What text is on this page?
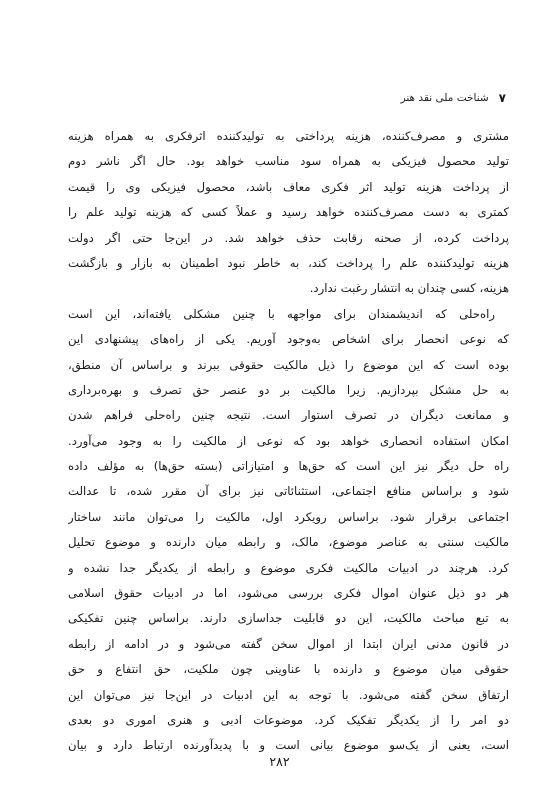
۷
شناخت ملی نقد هنر
مشتری و مصرف‌کننده، هزینه پرداختی به تولیدکننده اثرفکری به همراه هزینه
تولید محصول فیزیکی به همراه سود مناسب خواهد بود. حال اگر ناشر دوم
از پرداخت هزینه تولید اثر فکری معاف باشد، محصول فیزیکی وی را قیمت
کمتری به دست مصرف‌کننده خواهد رسید و عملاً کسی که هزینه تولید علم را
پرداخت کرده، از صحنه رقابت حذف خواهد شد. در این‌جا حتی اگر دولت
هزینه تولیدکننده علم را پرداخت کند، به خاطر نبود اطمینان به بازار و بازگشت
هزینه، کسی چندان به انتشار رغبت ندارد.
راه‌حلی که اندیشمندان برای مواجهه با چنین مشکلی یافته‌اند، این است
که نوعی انحصار برای اشخاص به‌وجود آوریم. یکی از راه‌های پیشنهادی این
بوده است که این موضوع را ذیل مالکیت حقوقی ببرند و براساس آن منطق،
به حل مشکل بپردازیم. زیرا مالکیت بر دو عنصر حق تصرف و بهره‌برداری
و ممانعت دیگران در تصرف استوار است. نتیجه چنین راه‌حلی فراهم شدن
امکان استفاده انحصاری خواهد بود که نوعی از مالکیت را به وجود می‌آورد.
راه حل دیگر نیز این است که حق‌ها و امتیازاتی (بسته حق‌ها) به مؤلف داده
شود و براساس منافع اجتماعی، استثنائاتی نیز برای آن مقرر شده، تا عدالت
اجتماعی برقرار شود. براساس رویکرد اول، مالکیت را می‌توان مانند ساختار
مالکیت سنتی به عناصر موضوع، مالک، و رابطه میان دارنده و موضوع تحلیل
کرد. هرچند در ادبیات مالکیت فکری موضوع و رابطه از یکدیگر جدا نشده و
هر دو ذیل عنوان اموال فکری بررسی می‌شود، اما در ادبیات حقوق اسلامی
به تبع مباحث مالکیت، این دو قابلیت جداسازی دارند. براساس چنین تفکیکی
در قانون مدنی ایران ابتدا از اموال سخن گفته می‌شود و در ادامه از رابطه
حقوقی میان موضوع و دارنده با عناوینی چون ملکیت، حق انتفاع و حق
ارتفاق سخن گفته می‌شود. با توجه به این ادبیات در این‌جا نیز می‌توان این
دو امر را از یکدیگر تفکیک کرد. موضوعات ادبی و هنری اموری دو بعدی
است، یعنی از یک‌سو موضوع بیانی است و با پدیدآورنده ارتباط دارد و بیان
۲۸۲
